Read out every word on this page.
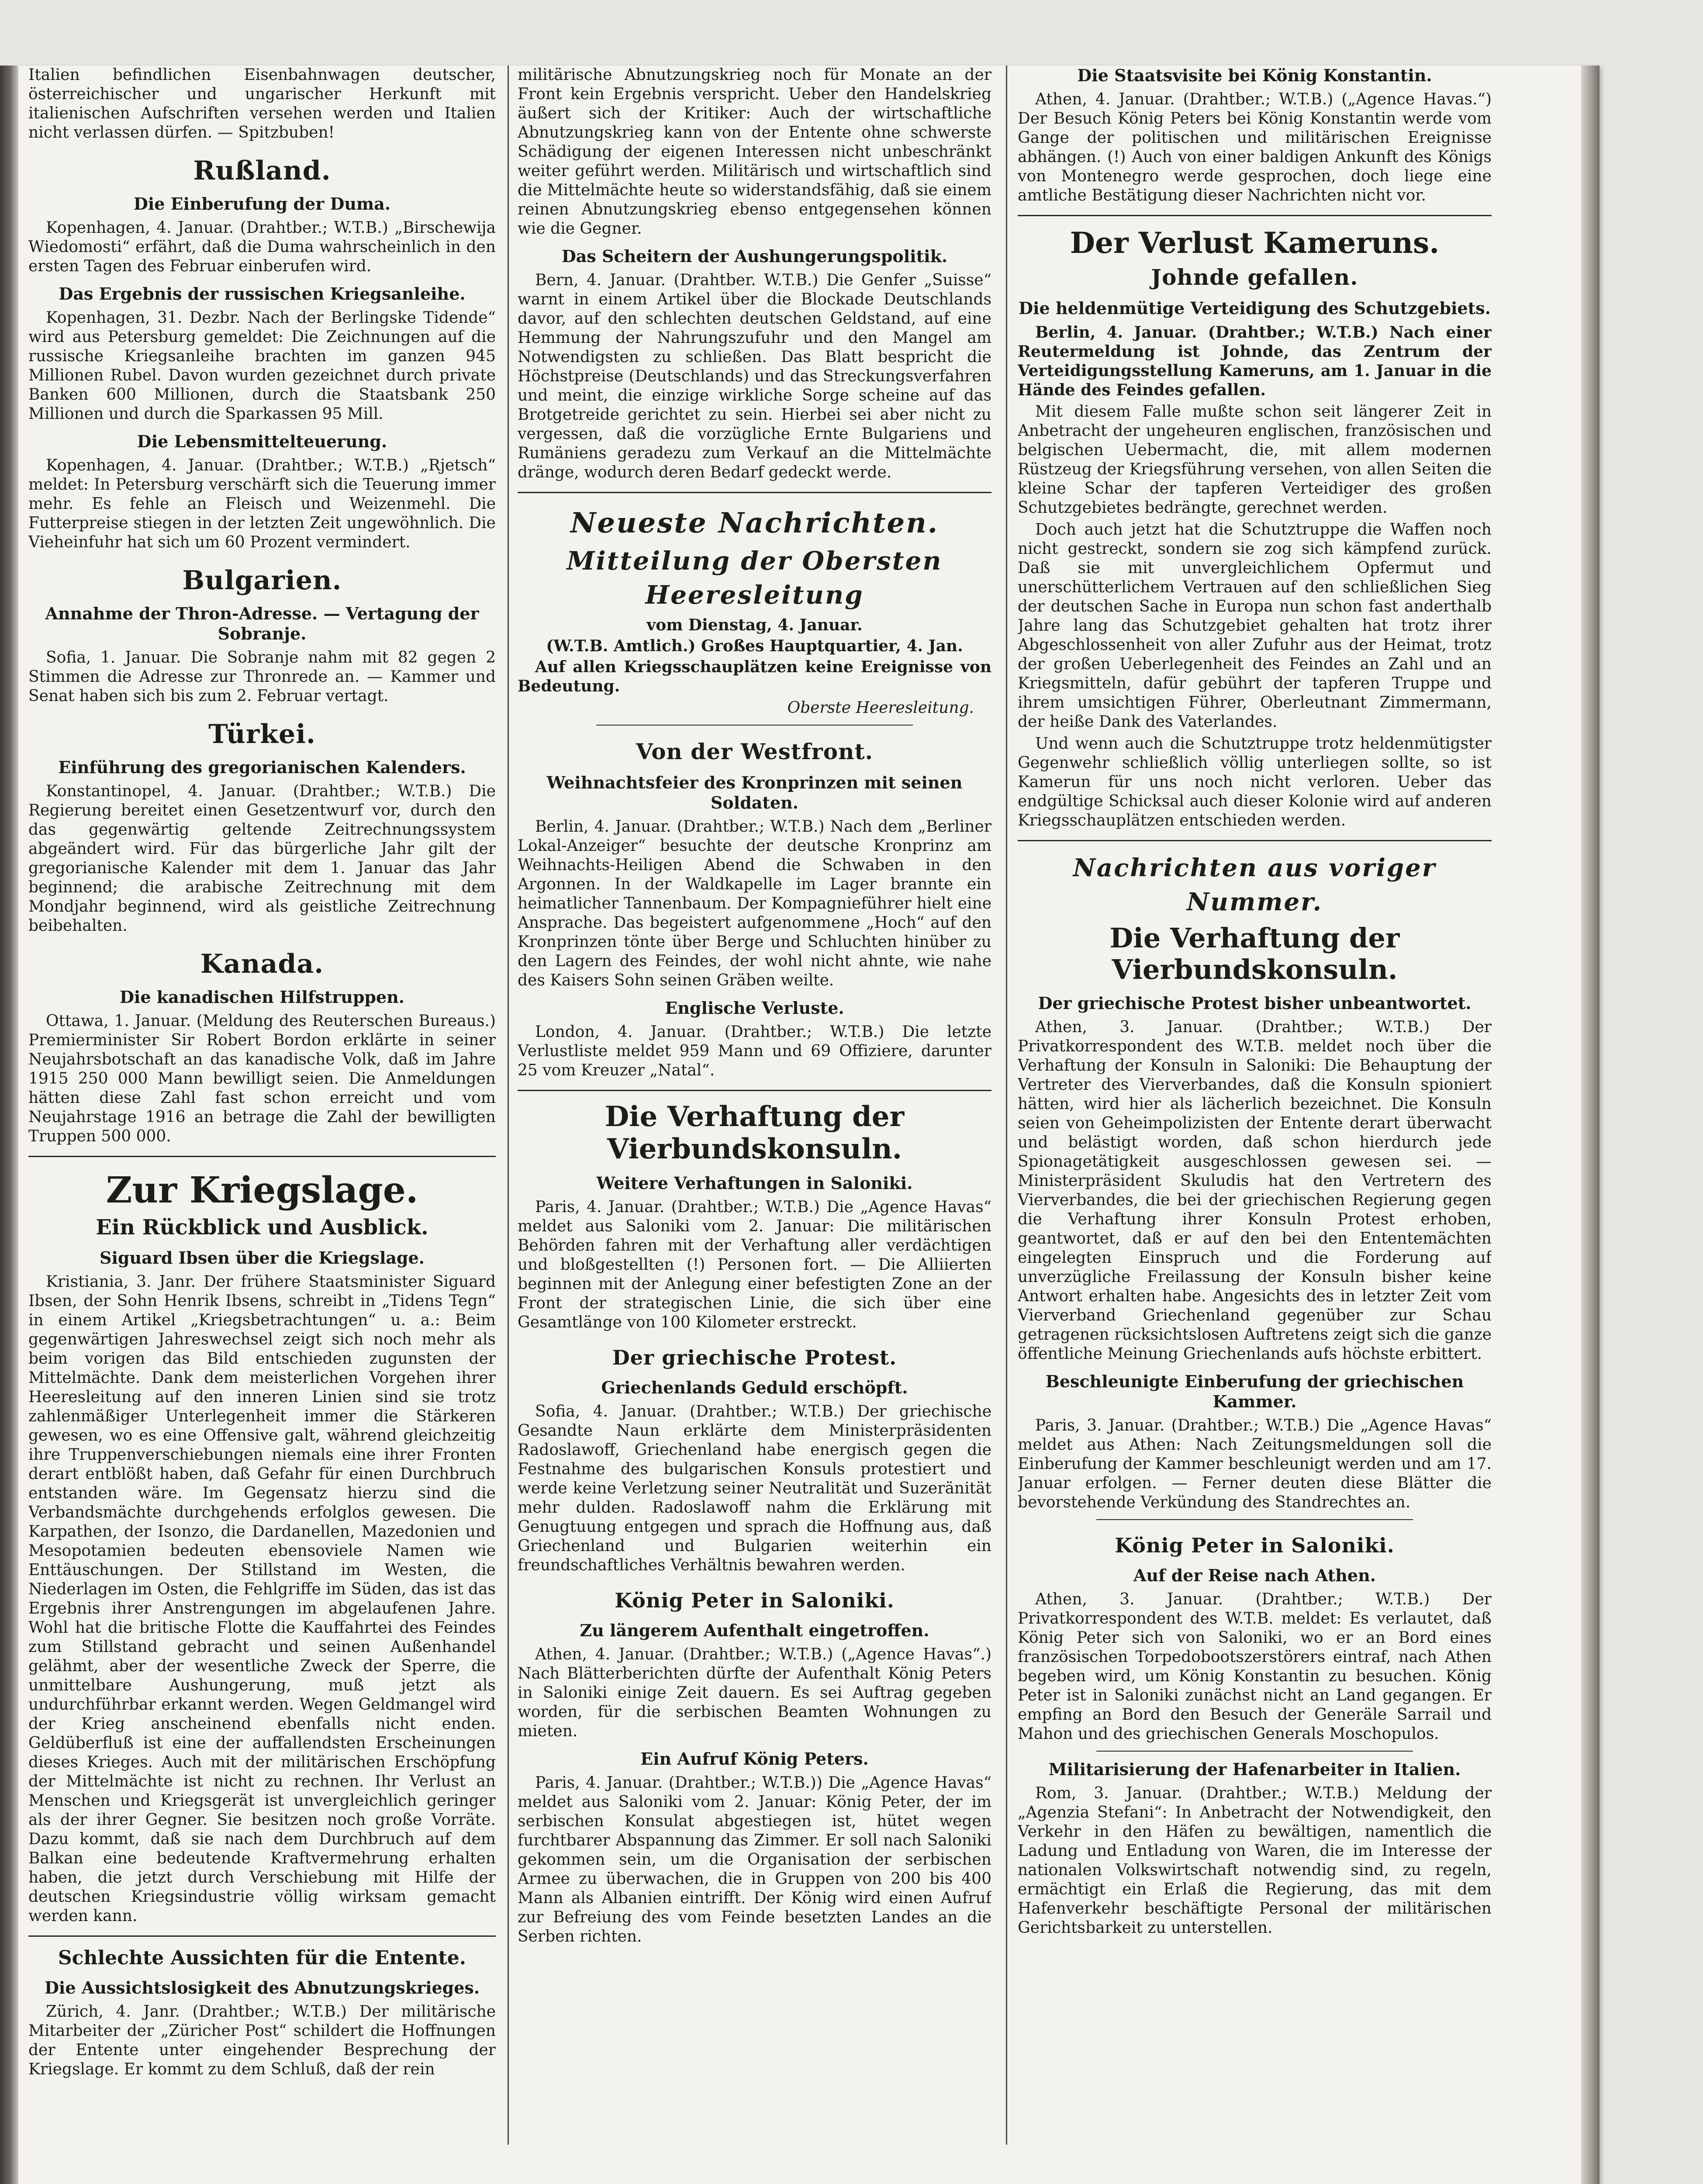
Italien befindlichen Eisenbahnwagen deutscher, österreichischer und ungarischer Herkunft mit italienischen Aufschriften versehen werden und Italien nicht verlassen dürfen. — Spitzbuben!

Rußland.
Die Einberufung der Duma.

Kopenhagen, 4. Januar. (Drahtber.; W.T.B.) „Birschewija Wiedomosti“ erfährt, daß die Duma wahrscheinlich in den ersten Tagen des Februar einberufen wird.

Das Ergebnis der russischen Kriegsanleihe.

Kopenhagen, 31. Dezbr. Nach der Berlingske Tidende“ wird aus Petersburg gemeldet: Die Zeichnungen auf die russische Kriegsanleihe brachten im ganzen 945 Millionen Rubel. Davon wurden gezeichnet durch private Banken 600 Millionen, durch die Staatsbank 250 Millionen und durch die Sparkassen 95 Mill.

Die Lebensmittelteuerung.

Kopenhagen, 4. Januar. (Drahtber.; W.T.B.) „Rjetsch“ meldet: In Petersburg verschärft sich die Teuerung immer mehr. Es fehle an Fleisch und Weizenmehl. Die Futterpreise stiegen in der letzten Zeit ungewöhnlich. Die Vieheinfuhr hat sich um 60 Prozent vermindert.

Bulgarien.
Annahme der Thron-Adresse. — Vertagung der Sobranje.

Sofia, 1. Januar. Die Sobranje nahm mit 82 gegen 2 Stimmen die Adresse zur Thronrede an. — Kammer und Senat haben sich bis zum 2. Februar vertagt.

Türkei.
Einführung des gregorianischen Kalenders.

Konstantinopel, 4. Januar. (Drahtber.; W.T.B.) Die Regierung bereitet einen Gesetzentwurf vor, durch den das gegenwärtig geltende Zeitrechnungssystem abgeändert wird. Für das bürgerliche Jahr gilt der gregorianische Kalender mit dem 1. Januar das Jahr beginnend; die arabische Zeitrechnung mit dem Mondjahr beginnend, wird als geistliche Zeitrechnung beibehalten.

Kanada.
Die kanadischen Hilfstruppen.

Ottawa, 1. Januar. (Meldung des Reuterschen Bureaus.) Premierminister Sir Robert Bordon erklärte in seiner Neujahrsbotschaft an das kanadische Volk, daß im Jahre 1915 250 000 Mann bewilligt seien. Die Anmeldungen hätten diese Zahl fast schon erreicht und vom Neujahrstage 1916 an betrage die Zahl der bewilligten Truppen 500 000.

Zur Kriegslage.
Ein Rückblick und Ausblick.
Siguard Ibsen über die Kriegslage.

Kristiania, 3. Janr. Der frühere Staatsminister Siguard Ibsen, der Sohn Henrik Ibsens, schreibt in „Tidens Tegn“ in einem Artikel „Kriegsbetrachtungen“ u. a.: Beim gegenwärtigen Jahreswechsel zeigt sich noch mehr als beim vorigen das Bild entschieden zugunsten der Mittelmächte. Dank dem meisterlichen Vorgehen ihrer Heeresleitung auf den inneren Linien sind sie trotz zahlenmäßiger Unterlegenheit immer die Stärkeren gewesen, wo es eine Offensive galt, während gleichzeitig ihre Truppenverschiebungen niemals eine ihrer Fronten derart entblößt haben, daß Gefahr für einen Durchbruch entstanden wäre. Im Gegensatz hierzu sind die Verbandsmächte durchgehends erfolglos gewesen. Die Karpathen, der Isonzo, die Dardanellen, Mazedonien und Mesopotamien bedeuten ebensoviele Namen wie Enttäuschungen. Der Stillstand im Westen, die Niederlagen im Osten, die Fehlgriffe im Süden, das ist das Ergebnis ihrer Anstrengungen im abgelaufenen Jahre. Wohl hat die britische Flotte die Kauffahrtei des Feindes zum Stillstand gebracht und seinen Außenhandel gelähmt, aber der wesentliche Zweck der Sperre, die unmittelbare Aushungerung, muß jetzt als undurchführbar erkannt werden. Wegen Geldmangel wird der Krieg anscheinend ebenfalls nicht enden. Geldüberfluß ist eine der auffallendsten Erscheinungen dieses Krieges. Auch mit der militärischen Erschöpfung der Mittelmächte ist nicht zu rechnen. Ihr Verlust an Menschen und Kriegsgerät ist unvergleichlich geringer als der ihrer Gegner. Sie besitzen noch große Vorräte. Dazu kommt, daß sie nach dem Durchbruch auf dem Balkan eine bedeutende Kraftvermehrung erhalten haben, die jetzt durch Verschiebung mit Hilfe der deutschen Kriegsindustrie völlig wirksam gemacht werden kann.

Schlechte Aussichten für die Entente.
Die Aussichtslosigkeit des Abnutzungskrieges.

Zürich, 4. Janr. (Drahtber.; W.T.B.) Der militärische Mitarbeiter der „Züricher Post“ schildert die Hoffnungen der Entente unter eingehender Besprechung der Kriegslage. Er kommt zu dem Schluß, daß der rein

militärische Abnutzungskrieg noch für Monate an der Front kein Ergebnis verspricht. Ueber den Handelskrieg äußert sich der Kritiker: Auch der wirtschaftliche Abnutzungskrieg kann von der Entente ohne schwerste Schädigung der eigenen Interessen nicht unbeschränkt weiter geführt werden. Militärisch und wirtschaftlich sind die Mittelmächte heute so widerstandsfähig, daß sie einem reinen Abnutzungskrieg ebenso entgegensehen können wie die Gegner.

Das Scheitern der Aushungerungspolitik.

Bern, 4. Januar. (Drahtber. W.T.B.) Die Genfer „Suisse“ warnt in einem Artikel über die Blockade Deutschlands davor, auf den schlechten deutschen Geldstand, auf eine Hemmung der Nahrungszufuhr und den Mangel am Notwendigsten zu schließen. Das Blatt bespricht die Höchstpreise (Deutschlands) und das Streckungsverfahren und meint, die einzige wirkliche Sorge scheine auf das Brotgetreide gerichtet zu sein. Hierbei sei aber nicht zu vergessen, daß die vorzügliche Ernte Bulgariens und Rumäniens geradezu zum Verkauf an die Mittelmächte dränge, wodurch deren Bedarf gedeckt werde.

Neueste Nachrichten.
Mitteilung der Obersten Heeresleitung
vom Dienstag, 4. Januar.
(W.T.B. Amtlich.) Großes Hauptquartier, 4. Jan.

Auf allen Kriegsschauplätzen keine Ereignisse von Bedeutung.

Oberste Heeresleitung.
Von der Westfront.
Weihnachtsfeier des Kronprinzen mit seinen Soldaten.

Berlin, 4. Januar. (Drahtber.; W.T.B.) Nach dem „Berliner Lokal-Anzeiger“ besuchte der deutsche Kronprinz am Weihnachts-Heiligen Abend die Schwaben in den Argonnen. In der Waldkapelle im Lager brannte ein heimatlicher Tannenbaum. Der Kompagnieführer hielt eine Ansprache. Das begeistert aufgenommene „Hoch“ auf den Kronprinzen tönte über Berge und Schluchten hinüber zu den Lagern des Feindes, der wohl nicht ahnte, wie nahe des Kaisers Sohn seinen Gräben weilte.

Englische Verluste.

London, 4. Januar. (Drahtber.; W.T.B.) Die letzte Verlustliste meldet 959 Mann und 69 Offiziere, darunter 25 vom Kreuzer „Natal“.

Die Verhaftung der Vierbundskonsuln.
Weitere Verhaftungen in Saloniki.

Paris, 4. Januar. (Drahtber.; W.T.B.) Die „Agence Havas“ meldet aus Saloniki vom 2. Januar: Die militärischen Behörden fahren mit der Verhaftung aller verdächtigen und bloßgestellten (!) Personen fort. — Die Alliierten beginnen mit der Anlegung einer befestigten Zone an der Front der strategischen Linie, die sich über eine Gesamtlänge von 100 Kilometer erstreckt.

Der griechische Protest.
Griechenlands Geduld erschöpft.

Sofia, 4. Januar. (Drahtber.; W.T.B.) Der griechische Gesandte Naun erklärte dem Ministerpräsidenten Radoslawoff, Griechenland habe energisch gegen die Festnahme des bulgarischen Konsuls protestiert und werde keine Verletzung seiner Neutralität und Suzeränität mehr dulden. Radoslawoff nahm die Erklärung mit Genugtuung entgegen und sprach die Hoffnung aus, daß Griechenland und Bulgarien weiterhin ein freundschaftliches Verhältnis bewahren werden.

König Peter in Saloniki.
Zu längerem Aufenthalt eingetroffen.

Athen, 4. Januar. (Drahtber.; W.T.B.) („Agence Havas“.) Nach Blätterberichten dürfte der Aufenthalt König Peters in Saloniki einige Zeit dauern. Es sei Auftrag gegeben worden, für die serbischen Beamten Wohnungen zu mieten.

Ein Aufruf König Peters.

Paris, 4. Januar. (Drahtber.; W.T.B.)) Die „Agence Havas“ meldet aus Saloniki vom 2. Januar: König Peter, der im serbischen Konsulat abgestiegen ist, hütet wegen furchtbarer Abspannung das Zimmer. Er soll nach Saloniki gekommen sein, um die Organisation der serbischen Armee zu überwachen, die in Gruppen von 200 bis 400 Mann als Albanien eintrifft. Der König wird einen Aufruf zur Befreiung des vom Feinde besetzten Landes an die Serben richten.

Die Staatsvisite bei König Konstantin.

Athen, 4. Januar. (Drahtber.; W.T.B.) („Agence Havas.“) Der Besuch König Peters bei König Konstantin werde vom Gange der politischen und militärischen Ereignisse abhängen. (!) Auch von einer baldigen Ankunft des Königs von Montenegro werde gesprochen, doch liege eine amtliche Bestätigung dieser Nachrichten nicht vor.

Der Verlust Kameruns.
Johnde gefallen.
Die heldenmütige Verteidigung des Schutzgebiets.

Berlin, 4. Januar. (Drahtber.; W.T.B.) Nach einer Reutermeldung ist Johnde, das Zentrum der Verteidigungsstellung Kameruns, am 1. Januar in die Hände des Feindes gefallen.

Mit diesem Falle mußte schon seit längerer Zeit in Anbetracht der ungeheuren englischen, französischen und belgischen Uebermacht, die, mit allem modernen Rüstzeug der Kriegsführung versehen, von allen Seiten die kleine Schar der tapferen Verteidiger des großen Schutzgebietes bedrängte, gerechnet werden.

Doch auch jetzt hat die Schutztruppe die Waffen noch nicht gestreckt, sondern sie zog sich kämpfend zurück. Daß sie mit unvergleichlichem Opfermut und unerschütterlichem Vertrauen auf den schließlichen Sieg der deutschen Sache in Europa nun schon fast anderthalb Jahre lang das Schutzgebiet gehalten hat trotz ihrer Abgeschlossenheit von aller Zufuhr aus der Heimat, trotz der großen Ueberlegenheit des Feindes an Zahl und an Kriegsmitteln, dafür gebührt der tapferen Truppe und ihrem umsichtigen Führer, Oberleutnant Zimmermann, der heiße Dank des Vaterlandes.

Und wenn auch die Schutztruppe trotz heldenmütigster Gegenwehr schließlich völlig unterliegen sollte, so ist Kamerun für uns noch nicht verloren. Ueber das endgültige Schicksal auch dieser Kolonie wird auf anderen Kriegsschauplätzen entschieden werden.

Nachrichten aus voriger Nummer.
Die Verhaftung der Vierbundskonsuln.
Der griechische Protest bisher unbeantwortet.

Athen, 3. Januar. (Drahtber.; W.T.B.) Der Privatkorrespondent des W.T.B. meldet noch über die Verhaftung der Konsuln in Saloniki: Die Behauptung der Vertreter des Vierverbandes, daß die Konsuln spioniert hätten, wird hier als lächerlich bezeichnet. Die Konsuln seien von Geheimpolizisten der Entente derart überwacht und belästigt worden, daß schon hierdurch jede Spionagetätigkeit ausgeschlossen gewesen sei. — Ministerpräsident Skuludis hat den Vertretern des Vierverbandes, die bei der griechischen Regierung gegen die Verhaftung ihrer Konsuln Protest erhoben, geantwortet, daß er auf den bei den Ententemächten eingelegten Einspruch und die Forderung auf unverzügliche Freilassung der Konsuln bisher keine Antwort erhalten habe. Angesichts des in letzter Zeit vom Vierverband Griechenland gegenüber zur Schau getragenen rücksichtslosen Auftretens zeigt sich die ganze öffentliche Meinung Griechenlands aufs höchste erbittert.

Beschleunigte Einberufung der griechischen Kammer.

Paris, 3. Januar. (Drahtber.; W.T.B.) Die „Agence Havas“ meldet aus Athen: Nach Zeitungsmeldungen soll die Einberufung der Kammer beschleunigt werden und am 17. Januar erfolgen. — Ferner deuten diese Blätter die bevorstehende Verkündung des Standrechtes an.

König Peter in Saloniki.
Auf der Reise nach Athen.

Athen, 3. Januar. (Drahtber.; W.T.B.) Der Privatkorrespondent des W.T.B. meldet: Es verlautet, daß König Peter sich von Saloniki, wo er an Bord eines französischen Torpedobootszerstörers eintraf, nach Athen begeben wird, um König Konstantin zu besuchen. König Peter ist in Saloniki zunächst nicht an Land gegangen. Er empfing an Bord den Besuch der Generäle Sarrail und Mahon und des griechischen Generals Moschopulos.

Militarisierung der Hafenarbeiter in Italien.

Rom, 3. Januar. (Drahtber.; W.T.B.) Meldung der „Agenzia Stefani“: In Anbetracht der Notwendigkeit, den Verkehr in den Häfen zu bewältigen, namentlich die Ladung und Entladung von Waren, die im Interesse der nationalen Volkswirtschaft notwendig sind, zu regeln, ermächtigt ein Erlaß die Regierung, das mit dem Hafenverkehr beschäftigte Personal der militärischen Gerichtsbarkeit zu unterstellen.
